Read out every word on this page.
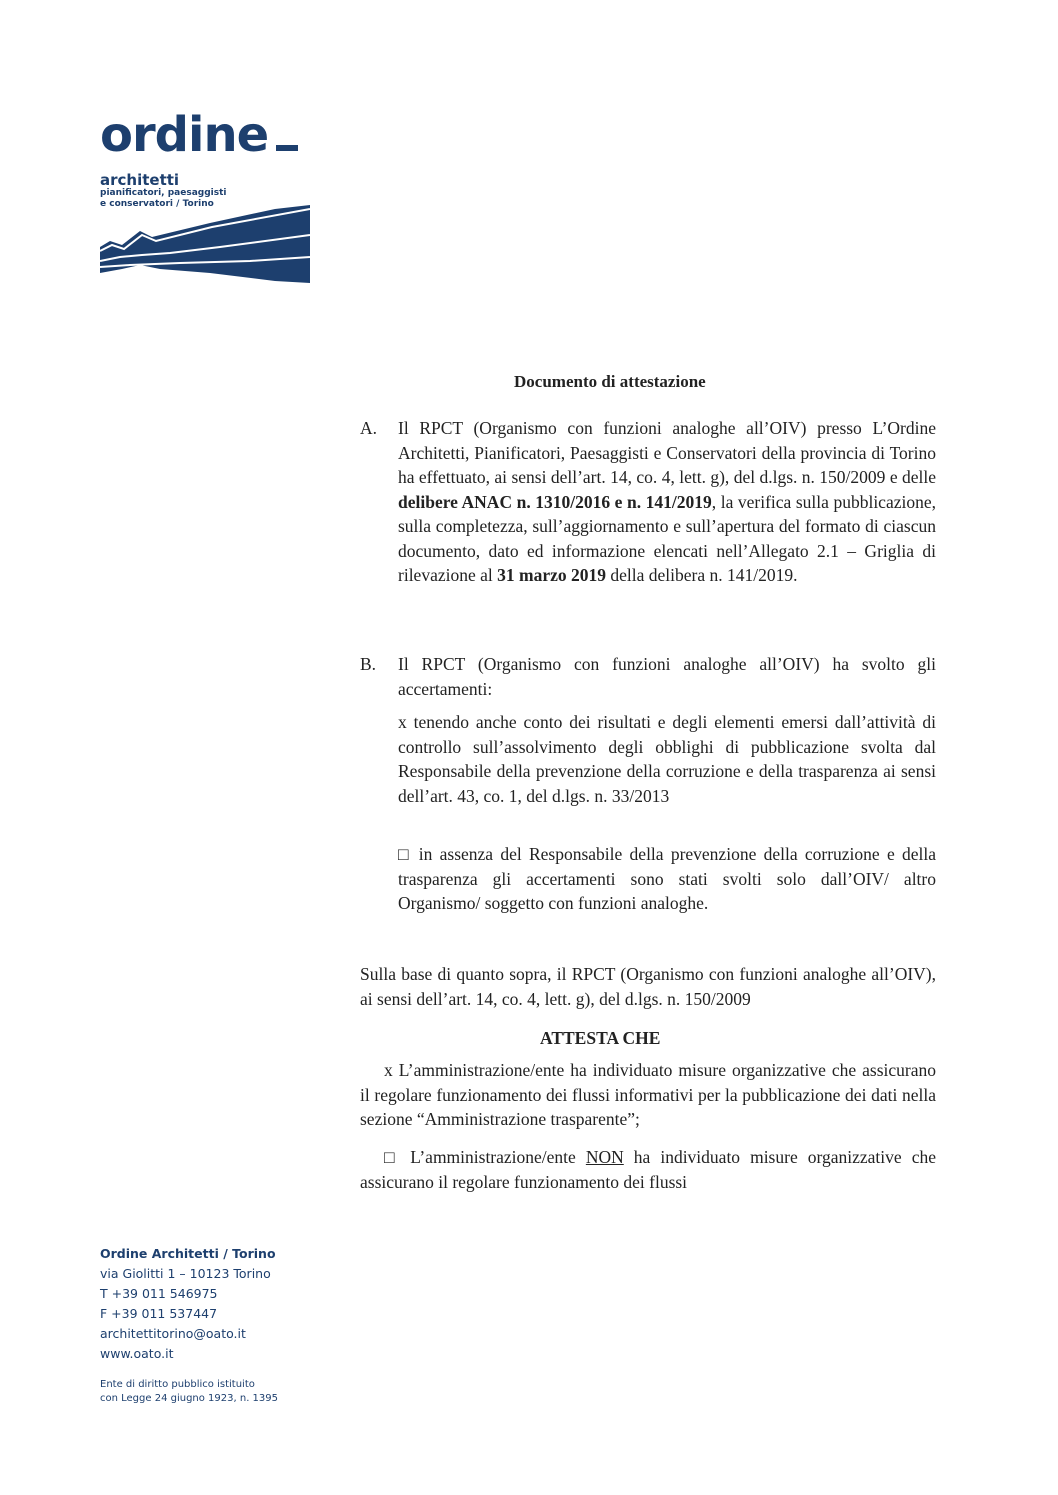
ordine
architetti
pianificatori, paesaggisti
e conservatori / Torino
Documento di attestazione
A. Il RPCT (Organismo con funzioni analoghe all’OIV) presso L’Ordine Architetti, Pianificatori, Paesaggisti e Conservatori della provincia di Torino ha effettuato, ai sensi dell’art. 14, co. 4, lett. g), del d.lgs. n. 150/2009 e delle delibere ANAC n. 1310/2016 e n. 141/2019, la verifica sulla pubblicazione, sulla completezza, sull’aggiornamento e sull’apertura del formato di ciascun documento, dato ed informazione elencati nell’Allegato 2.1 – Griglia di rilevazione al 31 marzo 2019 della delibera n. 141/2019.
B. Il RPCT (Organismo con funzioni analoghe all’OIV) ha svolto gli accertamenti:
x tenendo anche conto dei risultati e degli elementi emersi dall’attività di controllo sull’assolvimento degli obblighi di pubblicazione svolta dal Responsabile della prevenzione della corruzione e della trasparenza ai sensi dell’art. 43, co. 1, del d.lgs. n. 33/2013
□ in assenza del Responsabile della prevenzione della corruzione e della trasparenza gli accertamenti sono stati svolti solo dall’OIV/ altro Organismo/ soggetto con funzioni analoghe.
Sulla base di quanto sopra, il RPCT (Organismo con funzioni analoghe all’OIV), ai sensi dell’art. 14, co. 4, lett. g), del d.lgs. n. 150/2009
ATTESTA CHE
x L’amministrazione/ente ha individuato misure organizzative che assicurano il regolare funzionamento dei flussi informativi per la pubblicazione dei dati nella sezione “Amministrazione trasparente”;
□ L’amministrazione/ente NON ha individuato misure organizzative che assicurano il regolare funzionamento dei flussi
Ordine Architetti / Torino
via Giolitti 1 – 10123 Torino
T +39 011 546975
F +39 011 537447
architettitorino@oato.it
www.oato.it
Ente di diritto pubblico istituito
con Legge 24 giugno 1923, n. 1395
